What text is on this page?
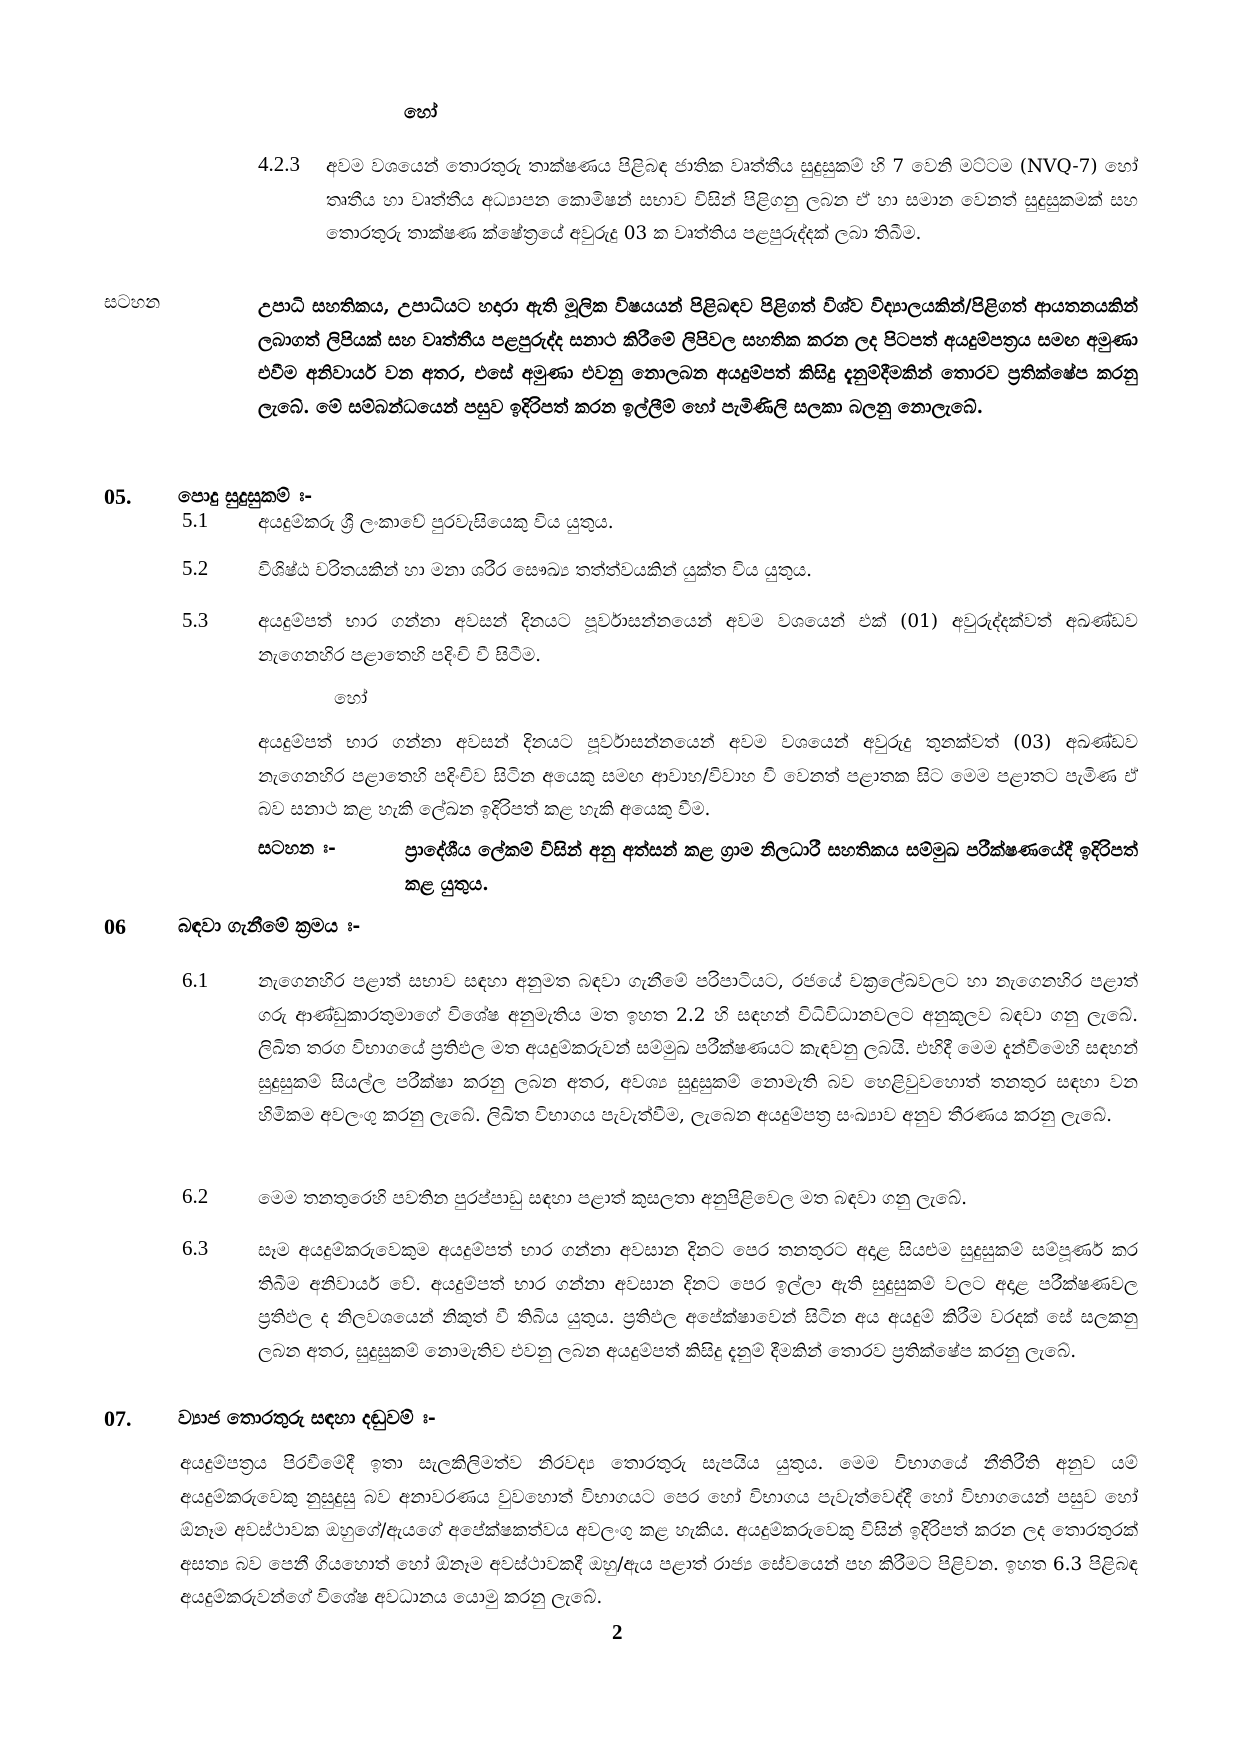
හෝ
4.2.3 අවම වශයෙන් තොරතුරු තාක්ෂණය පිළිබඳ ජාතික වෘත්තීය සුදුසුකම් හි 7 වෙනි මට්ටම (NVQ-7) හෝ තෘතීය හා වෘත්තීය අධ්‍යාපන කොමිෂන් සභාව විසින් පිළිගනු ලබන ඒ හා සමාන වෙනත් සුදුසුකමක් සහ තොරතුරු තාක්ෂණ ක්ෂේත්‍රයේ අවුරුදු 03 ක වෘත්තිය පළපුරුද්දක් ලබා තිබීම.
සටහන	උපාධි සහතිකය, උපාධියට හදාරා ඇති මූලික විෂයයන් පිළිබඳව පිළිගත් විශ්ව විද්‍යාලයකින්/පිළිගත් ආයතනයකින් ලබාගත් ලිපියක් සහ වෘත්තීය පළපුරුද්ද සනාථ කිරීමේ ලිපිවල සහතික කරන ලද පිටපත් අයදුම්පත්‍රය සමඟ අමුණා එවීම අනිවාර්ය වන අතර, එසේ අමුණා එවනු නොලබන අයදුම්පත් කිසිදු දැනුම්දීමකින් තොරව ප්‍රතික්ෂේප කරනු ලැබේ. මේ සම්බන්ධයෙන් පසුව ඉදිරිපත් කරන ඉල්ලීම් හෝ පැමිණිලි සලකා බලනු නොලැබේ.
05. පොදු සුදුසුකම් ඃ-
5.1	අයදුම්කරු ශ්‍රී ලංකාවේ පුරවැසියෙකු විය යුතුය.
5.2	විශිෂ්ඨ චරිතයකින් හා මනා ශරීර සෞඛ්‍ය තත්ත්වයකින් යුක්ත විය යුතුය.
5.3	අයදුම්පත් භාර ගන්නා අවසන් දිනයට පූර්වාසන්නයෙන් අවම වශයෙන් එක් (01) අවුරුද්දක්වත් අඛණ්ඩව නැගෙනහිර පළාතෙහි පදිංචි වී සිටීම.
හෝ
අයදුම්පත් භාර ගන්නා අවසන් දිනයට පූර්වාසන්නයෙන් අවම වශයෙන් අවුරුදු තුනක්වත් (03) අඛණ්ඩව නැගෙනහිර පළාතෙහි පදිංචිව සිටින අයෙකු සමඟ ආවාහ/විවාහ වී වෙනත් පළාතක සිට මෙම පළාතට පැමිණ ඒ බව සනාථ කළ හැකි ලේඛන ඉදිරිපත් කළ හැකි අයෙකු වීම.
සටහන ඃ-	ප්‍රාදේශීය ලේකම් විසින් අනු අත්සන් කළ ග්‍රාම නිලධාරී සහතිකය සම්මුඛ පරීක්ෂණයේදී ඉදිරිපත් කළ යුතුය.
06	බඳවා ගැනීමේ ක්‍රමය ඃ-
6.1	නැගෙනහිර පළාත් සභාව සඳහා අනුමත බඳවා ගැනීමේ පරිපාටියට, රජයේ චක්‍රලේඛවලට හා නැගෙනහිර පළාත් ගරු ආණ්ඩුකාරතුමාගේ විශේෂ අනුමැතිය මත ඉහත 2.2 හි සඳහන් විධිවිධානවලට අනුකූලව බඳවා ගනු ලැබේ. ලිඛිත තරග විභාගයේ ප්‍රතිඵල මත අයදුම්කරුවන් සම්මුඛ පරීක්ෂණයට කැඳවනු ලබයි. එහිදී මෙම දැන්වීමෙහි සඳහන් සුදුසුකම් සියල්ල පරීක්ෂා කරනු ලබන අතර, අවශ්‍ය සුදුසුකම් නොමැති බව හෙළිවුවහොත් තනතුර සඳහා වන හිමිකම අවලංගු කරනු ලැබේ. ලිඛිත විභාගය පැවැත්වීම, ලැබෙන අයදුම්පත්‍ර සංඛ්‍යාව අනුව තීරණය කරනු ලැබේ.
6.2	මෙම තනතුරෙහි පවතින පුරප්පාඩු සඳහා පළාත් කුසලතා අනුපිළිවෙල මත බඳවා ගනු ලැබේ.
6.3	සෑම අයදුම්කරුවෙකුම අයදුම්පත් භාර ගන්නා අවසාන දිනට පෙර තනතුරට අදාළ සියළුම සුදුසුකම් සම්පූර්ණ කර තිබීම අනිවාර්ය වේ. අයදුම්පත් භාර ගන්නා අවසාන දිනට පෙර ඉල්ලා ඇති සුදුසුකම් වලට අදාළ පරීක්ෂණවල ප්‍රතිඵල ද නිලවශයෙන් නිකුත් වී තිබිය යුතුය. ප්‍රතිඵල අපේක්ෂාවෙන් සිටින අය අයදුම් කිරීම වරදක් සේ සලකනු ලබන අතර, සුදුසුකම් නොමැතිව එවනු ලබන අයදුම්පත් කිසිදු දැනුම් දීමකින් තොරව ප්‍රතික්ෂේප කරනු ලැබේ.
07. ව්‍යාජ තොරතුරු සඳහා දඬුවම් ඃ-
අයදුම්පත්‍රය පිරවීමේදී ඉතා සැලකිලිමත්ව නිරවද්‍ය තොරතුරු සැපයිය යුතුය. මෙම විභාගයේ නීතිරීති අනුව යම් අයදුම්කරුවෙකු නුසුදුසු බව අනාවරණය වුවහොත් විභාගයට පෙර හෝ විභාගය පැවැත්වෙද්දී හෝ විභාගයෙන් පසුව හෝ ඕනෑම අවස්ථාවක ඔහුගේ/ඇයගේ අපේක්ෂකත්වය අවලංගු කළ හැකිය. අයදුම්කරුවෙකු විසින් ඉදිරිපත් කරන ලද තොරතුරක් අසත්‍ය බව පෙනී ගියහොත් හෝ ඕනෑම අවස්ථාවකදී ඔහු/ඇය පළාත් රාජ්‍ය සේවයෙන් පහ කිරීමට පිළිවන. ඉහත 6.3 පිළිබඳ අයදුම්කරුවන්ගේ විශේෂ අවධානය යොමු කරනු ලැබේ.
2
